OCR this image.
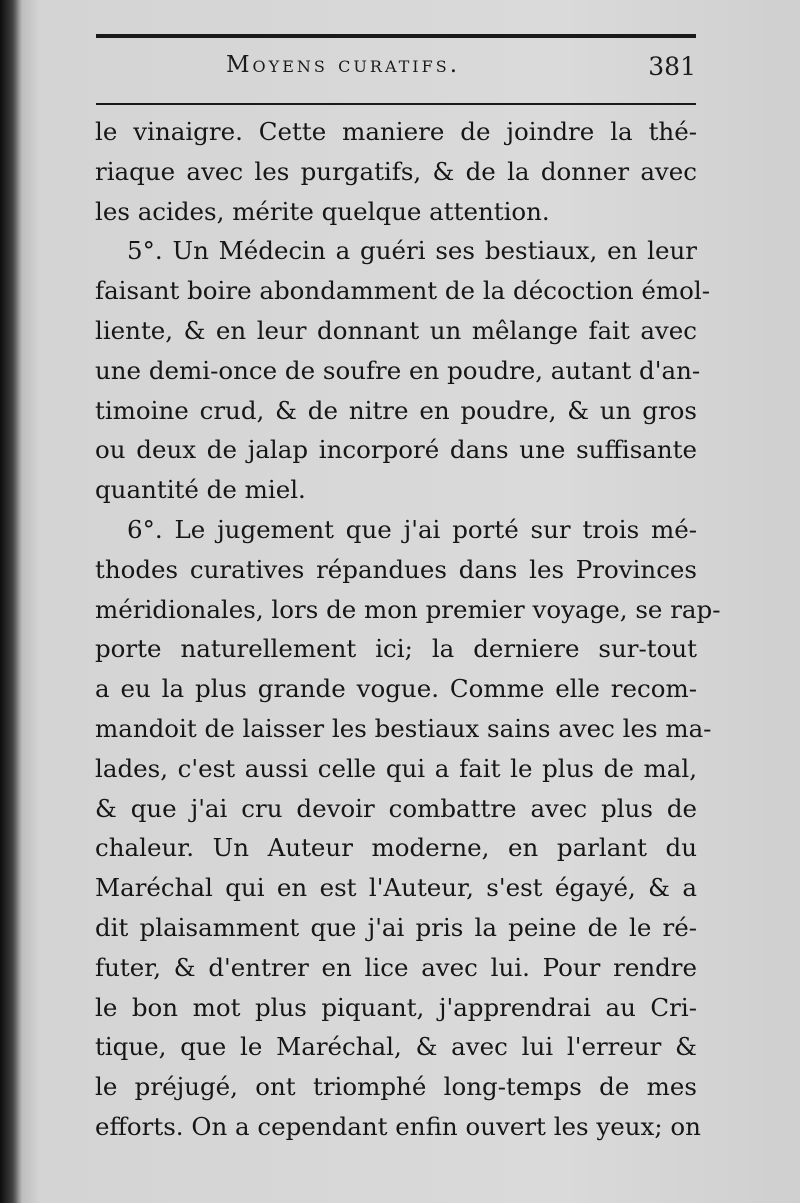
Moyens curatifs.	381
le vinaigre. Cette maniere de joindre la thé-
riaque avec les purgatifs, & de la donner avec
les acides, mérite quelque attention.
5°. Un Médecin a guéri ses bestiaux, en leur
faisant boire abondamment de la décoction émol-
liente, & en leur donnant un mêlange fait avec
une demi-once de soufre en poudre, autant d'an-
timoine crud, & de nitre en poudre, & un gros
ou deux de jalap incorporé dans une suffisante
quantité de miel.
6°. Le jugement que j'ai porté sur trois mé-
thodes curatives répandues dans les Provinces
méridionales, lors de mon premier voyage, se rap-
porte naturellement ici; la derniere sur-tout
a eu la plus grande vogue. Comme elle recom-
mandoit de laisser les bestiaux sains avec les ma-
lades, c'est aussi celle qui a fait le plus de mal,
& que j'ai cru devoir combattre avec plus de
chaleur. Un Auteur moderne, en parlant du
Maréchal qui en est l'Auteur, s'est égayé, & a
dit plaisamment que j'ai pris la peine de le ré-
futer, & d'entrer en lice avec lui. Pour rendre
le bon mot plus piquant, j'apprendrai au Cri-
tique, que le Maréchal, & avec lui l'erreur &
le préjugé, ont triomphé long-temps de mes
efforts. On a cependant enfin ouvert les yeux; on
